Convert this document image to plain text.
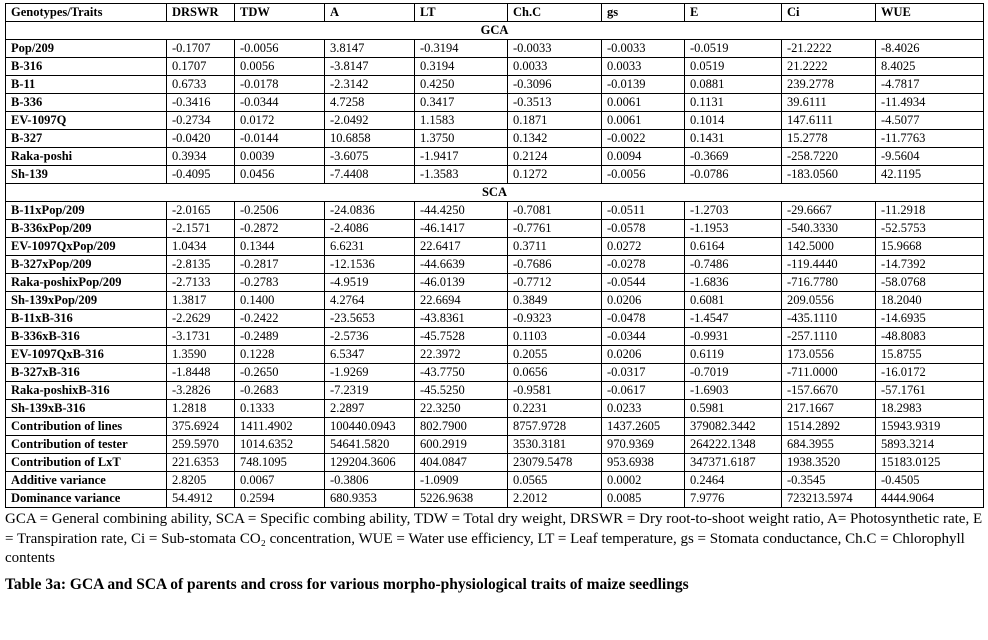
Genotypes/Traits	DRSWR	TDW	A	LT	Ch.C	gs	E	Ci	WUE
GCA									
Pop/209	-0.1707	-0.0056	3.8147	-0.3194	-0.0033	-0.0033	-0.0519	-21.2222	-8.4026
B-316	0.1707	0.0056	-3.8147	0.3194	0.0033	0.0033	0.0519	21.2222	8.4025
B-11	0.6733	-0.0178	-2.3142	0.4250	-0.3096	-0.0139	0.0881	239.2778	-4.7817
B-336	-0.3416	-0.0344	4.7258	0.3417	-0.3513	0.0061	0.1131	39.6111	-11.4934
EV-1097Q	-0.2734	0.0172	-2.0492	1.1583	0.1871	0.0061	0.1014	147.6111	-4.5077
B-327	-0.0420	-0.0144	10.6858	1.3750	0.1342	-0.0022	0.1431	15.2778	-11.7763
Raka-poshi	0.3934	0.0039	-3.6075	-1.9417	0.2124	0.0094	-0.3669	-258.7220	-9.5604
Sh-139	-0.4095	0.0456	-7.4408	-1.3583	0.1272	-0.0056	-0.0786	-183.0560	42.1195
SCA									
B-11xPop/209	-2.0165	-0.2506	-24.0836	-44.4250	-0.7081	-0.0511	-1.2703	-29.6667	-11.2918
B-336xPop/209	-2.1571	-0.2872	-2.4086	-46.1417	-0.7761	-0.0578	-1.1953	-540.3330	-52.5753
EV-1097QxPop/209	1.0434	0.1344	6.6231	22.6417	0.3711	0.0272	0.6164	142.5000	15.9668
B-327xPop/209	-2.8135	-0.2817	-12.1536	-44.6639	-0.7686	-0.0278	-0.7486	-119.4440	-14.7392
Raka-poshixPop/209	-2.7133	-0.2783	-4.9519	-46.0139	-0.7712	-0.0544	-1.6836	-716.7780	-58.0768
Sh-139xPop/209	1.3817	0.1400	4.2764	22.6694	0.3849	0.0206	0.6081	209.0556	18.2040
B-11xB-316	-2.2629	-0.2422	-23.5653	-43.8361	-0.9323	-0.0478	-1.4547	-435.1110	-14.6935
B-336xB-316	-3.1731	-0.2489	-2.5736	-45.7528	0.1103	-0.0344	-0.9931	-257.1110	-48.8083
EV-1097QxB-316	1.3590	0.1228	6.5347	22.3972	0.2055	0.0206	0.6119	173.0556	15.8755
B-327xB-316	-1.8448	-0.2650	-1.9269	-43.7750	0.0656	-0.0317	-0.7019	-711.0000	-16.0172
Raka-poshixB-316	-3.2826	-0.2683	-7.2319	-45.5250	-0.9581	-0.0617	-1.6903	-157.6670	-57.1761
Sh-139xB-316	1.2818	0.1333	2.2897	22.3250	0.2231	0.0233	0.5981	217.1667	18.2983
Contribution of lines	375.6924	1411.4902	100440.0943	802.7900	8757.9728	1437.2605	379082.3442	1514.2892	15943.9319
Contribution of tester	259.5970	1014.6352	54641.5820	600.2919	3530.3181	970.9369	264222.1348	684.3955	5893.3214
Contribution of LxT	221.6353	748.1095	129204.3606	404.0847	23079.5478	953.6938	347371.6187	1938.3520	15183.0125
Additive variance	2.8205	0.0067	-0.3806	-1.0909	0.0565	0.0002	0.2464	-0.3545	-0.4505
Dominance variance	54.4912	0.2594	680.9353	5226.9638	2.2012	0.0085	7.9776	723213.5974	4444.9064

GCA = General combining ability, SCA = Specific combing ability, TDW = Total dry weight, DRSWR = Dry root-to-shoot weight ratio, A= Photosynthetic rate, E = Transpiration rate, Ci = Sub-stomata CO₂ concentration, WUE = Water use efficiency, LT = Leaf temperature, gs = Stomata conductance, Ch.C = Chlorophyll contents

Table 3a: GCA and SCA of parents and cross for various morpho-physiological traits of maize seedlings
